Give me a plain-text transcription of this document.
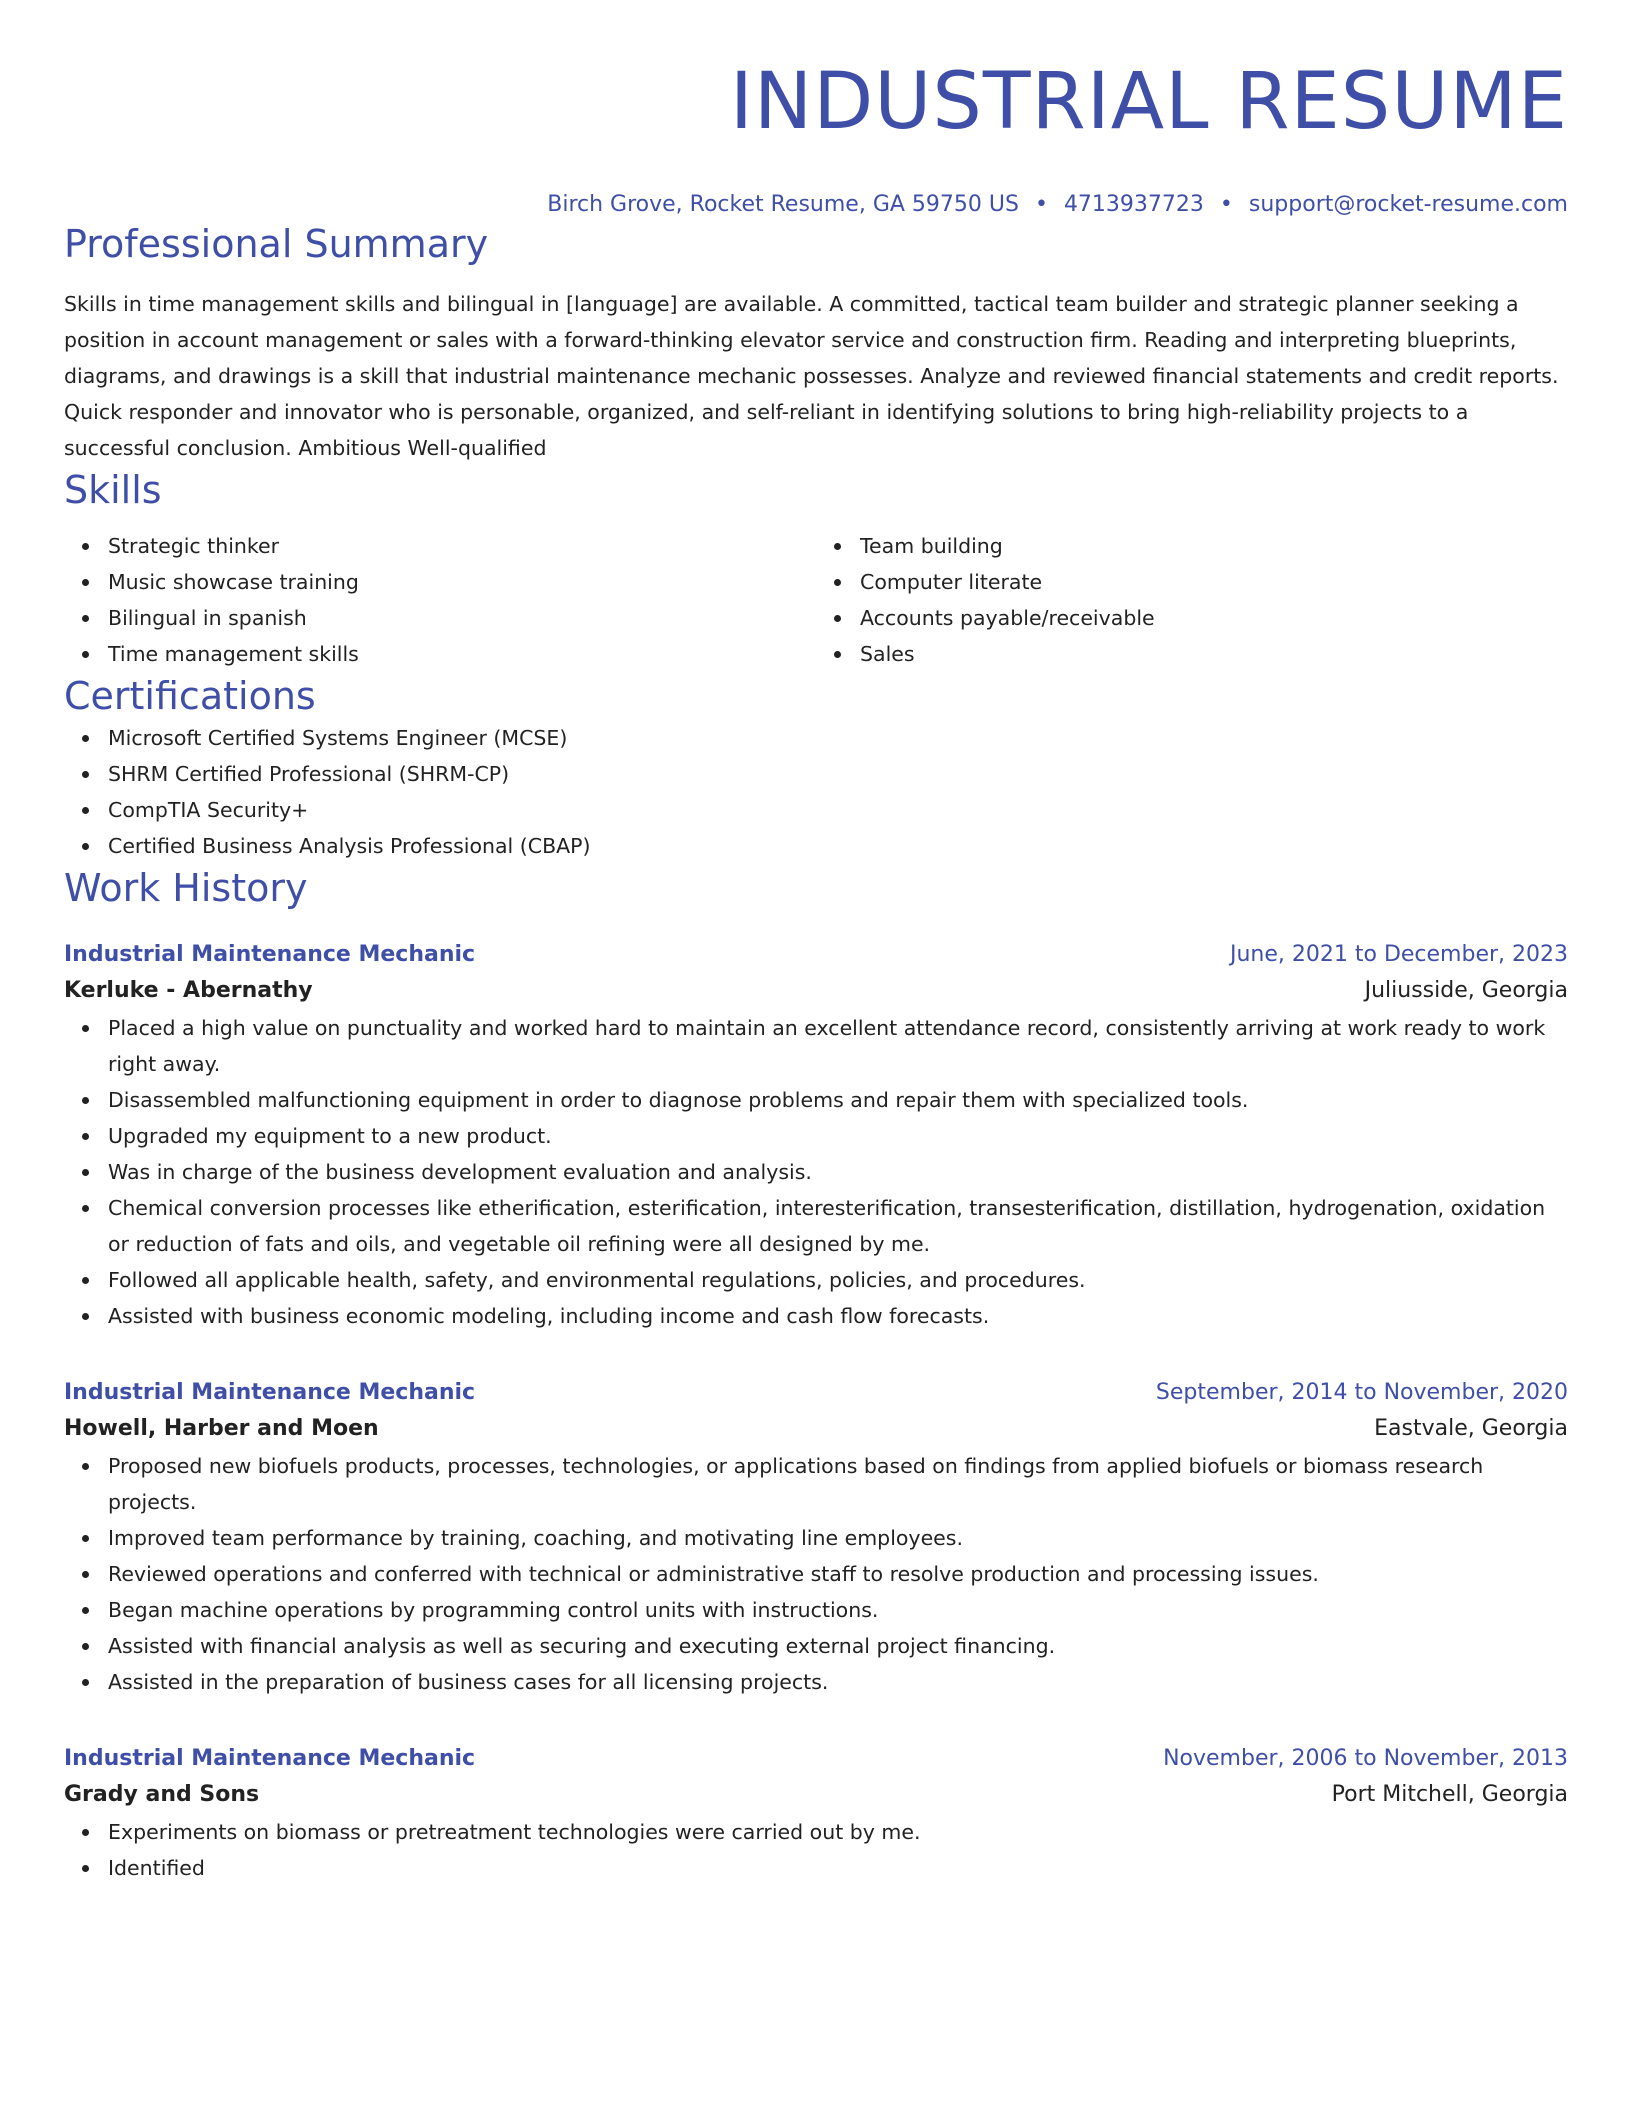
INDUSTRIAL RESUME
Birch Grove, Rocket Resume, GA 59750 US • 4713937723 • support@rocket-resume.com
Professional Summary
Skills in time management skills and bilingual in [language] are available. A committed, tactical team builder and strategic planner seeking a position in account management or sales with a forward-thinking elevator service and construction firm. Reading and interpreting blueprints, diagrams, and drawings is a skill that industrial maintenance mechanic possesses. Analyze and reviewed financial statements and credit reports. Quick responder and innovator who is personable, organized, and self-reliant in identifying solutions to bring high-reliability projects to a successful conclusion. Ambitious Well-qualified
Skills
Strategic thinker
Music showcase training
Bilingual in spanish
Time management skills
Team building
Computer literate
Accounts payable/receivable
Sales
Certifications
Microsoft Certified Systems Engineer (MCSE)
SHRM Certified Professional (SHRM-CP)
CompTIA Security+
Certified Business Analysis Professional (CBAP)
Work History
Industrial Maintenance Mechanic	June, 2021 to December, 2023
Kerluke - Abernathy	Juliusside, Georgia
Placed a high value on punctuality and worked hard to maintain an excellent attendance record, consistently arriving at work ready to work right away.
Disassembled malfunctioning equipment in order to diagnose problems and repair them with specialized tools.
Upgraded my equipment to a new product.
Was in charge of the business development evaluation and analysis.
Chemical conversion processes like etherification, esterification, interesterification, transesterification, distillation, hydrogenation, oxidation or reduction of fats and oils, and vegetable oil refining were all designed by me.
Followed all applicable health, safety, and environmental regulations, policies, and procedures.
Assisted with business economic modeling, including income and cash flow forecasts.
Industrial Maintenance Mechanic	September, 2014 to November, 2020
Howell, Harber and Moen	Eastvale, Georgia
Proposed new biofuels products, processes, technologies, or applications based on findings from applied biofuels or biomass research projects.
Improved team performance by training, coaching, and motivating line employees.
Reviewed operations and conferred with technical or administrative staff to resolve production and processing issues.
Began machine operations by programming control units with instructions.
Assisted with financial analysis as well as securing and executing external project financing.
Assisted in the preparation of business cases for all licensing projects.
Industrial Maintenance Mechanic	November, 2006 to November, 2013
Grady and Sons	Port Mitchell, Georgia
Experiments on biomass or pretreatment technologies were carried out by me.
Identified
